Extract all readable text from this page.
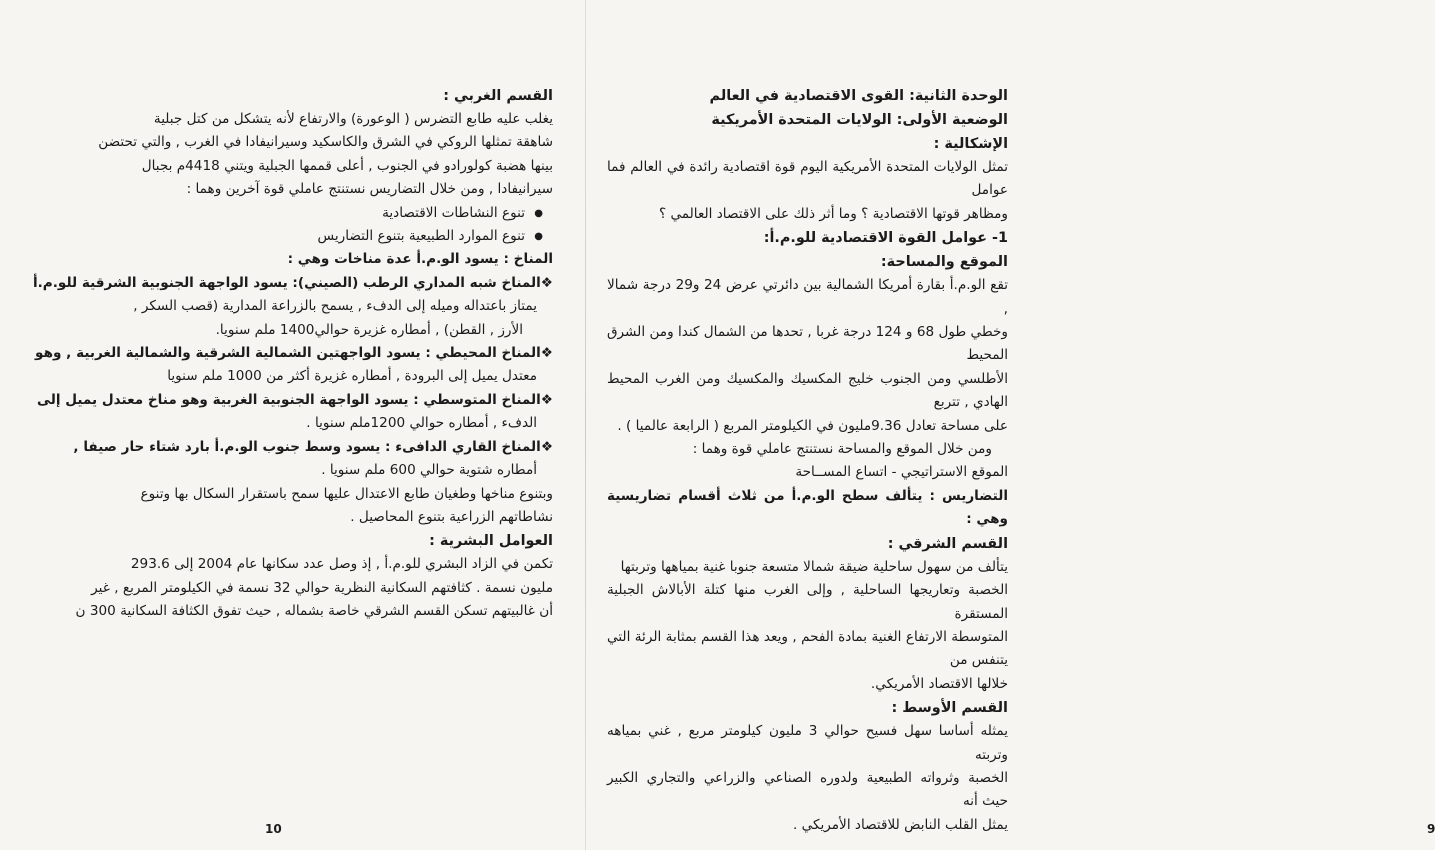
القسم الغربي :

يغلب عليه طابع التضرس ( الوعورة) والارتفاع لأنه يتشكل من كتل جبلية

شاهقة تمثلها الروكي في الشرق والكاسكيد وسيرانيفادا في الغرب , والتي تحتضن

بينها هضبة كولورادو في الجنوب , أعلى قممها الجبلية ويتني 4418م بجبال

سيرانيفادا , ومن خلال التضاريس نستنتج عاملي قوة آخرين وهما :

● تنوع النشاطات الاقتصادية

● تنوع الموارد الطبيعية بتنوع التضاريس

المناخ : يسود الو.م.أ عدة مناخات وهي :

❖المناخ شبه المداري الرطب (الصيني): يسود الواجهة الجنوبية الشرقية للو.م.أ

يمتاز باعتداله وميله إلى الدفء , يسمح بالزراعة المدارية (قصب السكر ,

الأرز , القطن) , أمطاره غزيرة حوالي1400 ملم سنويا.

❖المناخ المحيطي : يسود الواجهتين الشمالية الشرقية والشمالية الغربية , وهو

معتدل يميل إلى البرودة , أمطاره غزيرة أكثر من 1000 ملم سنويا

❖المناخ المتوسطي : يسود الواجهة الجنوبية الغربية وهو مناخ معتدل يميل إلى

الدفء , أمطاره حوالي 1200ملم سنويا .

❖المناخ القاري الدافىء : يسود وسط جنوب الو.م.أ بارد شتاء حار صيفا ,

أمطاره شتوية حوالي 600 ملم سنويا .

وبتنوع مناخها وطغيان طابع الاعتدال عليها سمح باستقرار السكال بها وتنوع

نشاطاتهم الزراعية بتنوع المحاصيل .

العوامل البشرية :

تكمن في الزاد البشري للو.م.أ , إذ وصل عدد سكانها عام 2004 إلى 293.6

مليون نسمة . كثافتهم السكانية النظرية حوالي 32 نسمة في الكيلومتر المربع , غير

أن غالبيتهم تسكن القسم الشرقي خاصة بشماله , حيث تفوق الكثافة السكانية 300 ن

10

الوحدة الثانية: القوى الاقتصادية في العالم

الوضعية الأولى: الولايات المتحدة الأمريكية

الإشكالية :

تمثل الولايات المتحدة الأمريكية اليوم قوة اقتصادية رائدة في العالم فما عوامل

ومظاهر قوتها الاقتصادية ؟ وما أثر ذلك على الاقتصاد العالمي ؟

1- عوامل القوة الاقتصادية للو.م.أ:

الموقع والمساحة:

تقع الو.م.أ بقارة أمريكا الشمالية بين دائرتي عرض 24 و29 درجة شمالا ,

وخطي طول 68 و 124 درجة غربا , تحدها من الشمال كندا ومن الشرق المحيط

الأطلسي ومن الجنوب خليج المكسيك والمكسيك ومن الغرب المحيط الهادي , تتربع

على مساحة تعادل 9.36مليون في الكيلومتر المربع ( الرابعة عالميا ) .

ومن خلال الموقع والمساحة نستنتج عاملي قوة وهما :

الموقع الاستراتيجي - اتساع المســاحة

التضاريس : يتألف سطح الو.م.أ من ثلاث أقسام تضاريسية وهي :

القسم الشرقي :

يتألف من سهول ساحلية ضيقة شمالا متسعة جنوبا غنية بمياهها وتربتها

الخصبة وتعاريجها الساحلية , وإلى الغرب منها كتلة الأبالاش الجبلية المستقرة

المتوسطة الارتفاع الغنية بمادة الفحم , ويعد هذا القسم بمثابة الرئة التي يتنفس من

خلالها الاقتصاد الأمريكي.

القسم الأوسط :

يمثله أساسا سهل فسيح حوالي 3 مليون كيلومتر مربع , غني بمياهه وتربته

الخصبة وثرواته الطبيعية ولدوره الصناعي والزراعي والتجاري الكبير حيث أنه

يمثل القلب النابض للاقتصاد الأمريكي .	9
